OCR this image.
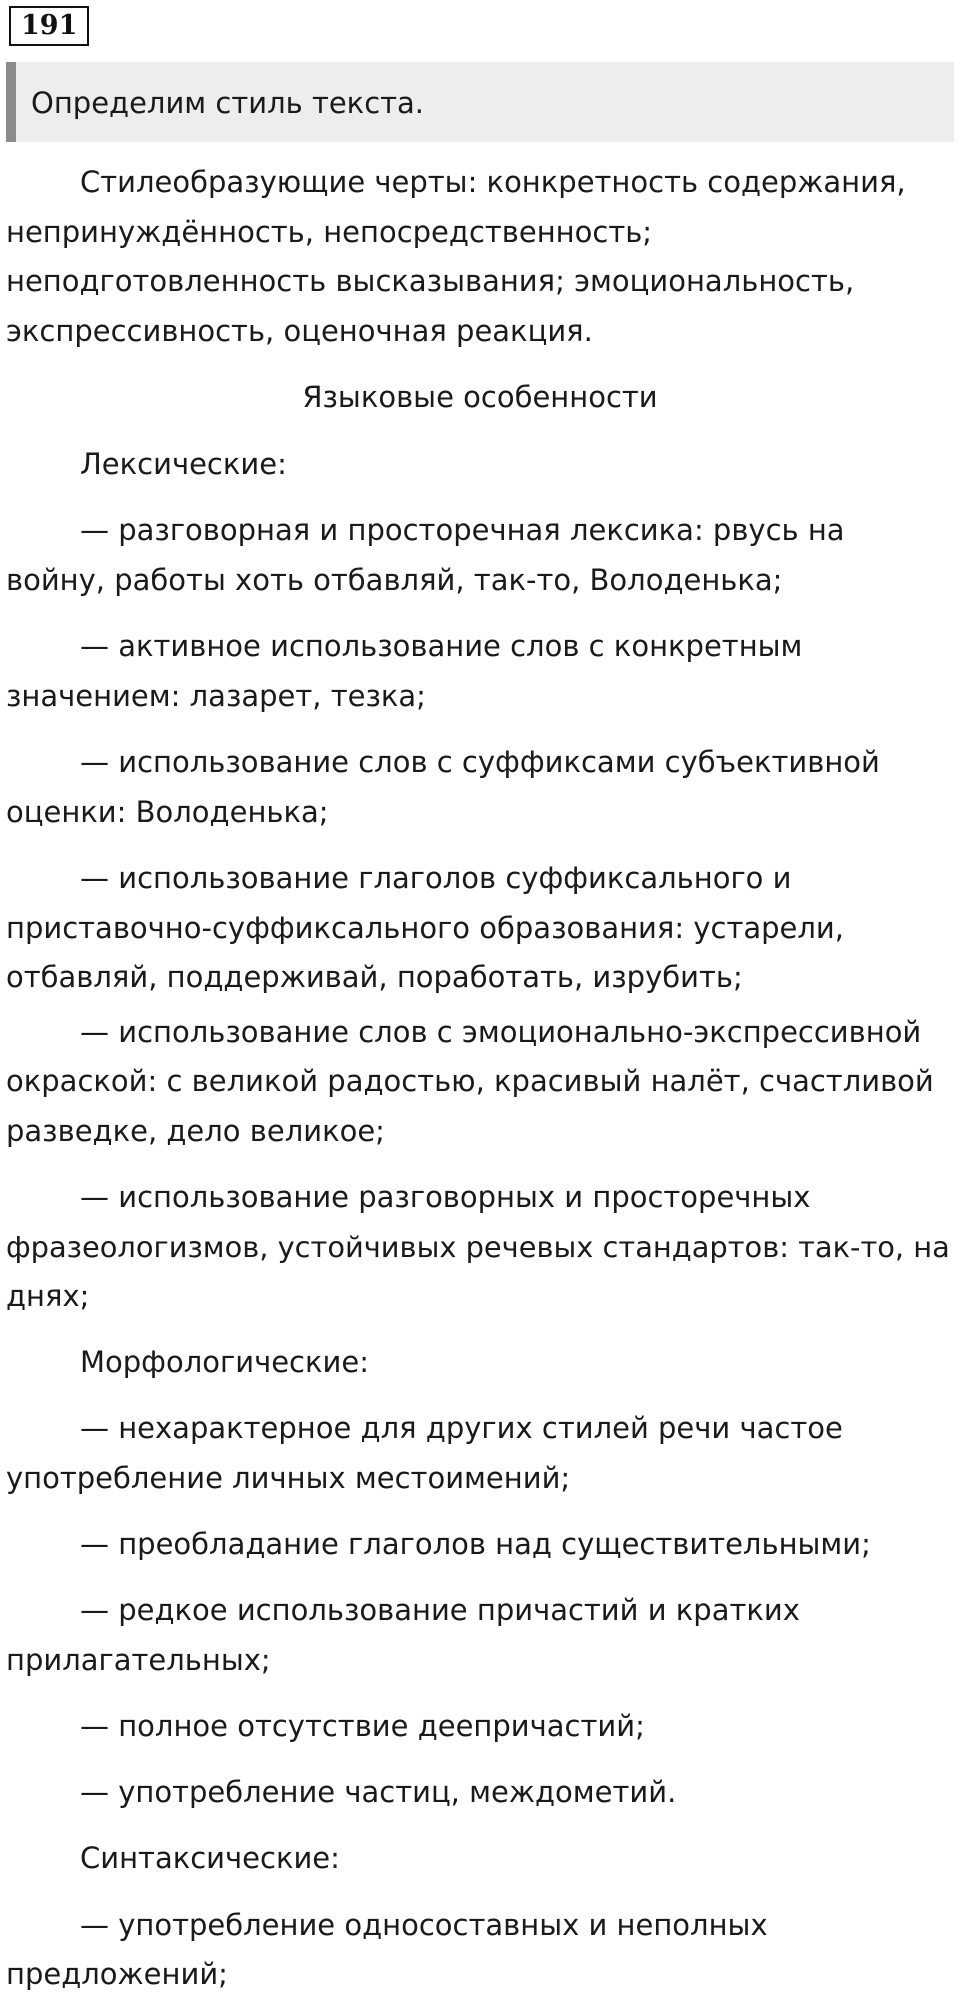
191
Определим стиль текста.
Стилеобразующие черты: конкретность содержания,
непринуждённость, непосредственность;
неподготовленность высказывания; эмоциональность,
экспрессивность, оценочная реакция.
Языковые особенности
Лексические:
— разговорная и просторечная лексика: рвусь на
войну, работы хоть отбавляй, так-то, Володенька;
— активное использование слов с конкретным
значением: лазарет, тезка;
— использование слов с суффиксами субъективной
оценки: Володенька;
— использование глаголов суффиксального и
приставочно-суффиксального образования: устарели,
отбавляй, поддерживай, поработать, изрубить;
— использование слов с эмоционально-экспрессивной
окраской: с великой радостью, красивый налёт, счастливой
разведке, дело великое;
— использование разговорных и просторечных
фразеологизмов, устойчивых речевых стандартов: так-то, на
днях;
Морфологические:
— нехарактерное для других стилей речи частое
употребление личных местоимений;
— преобладание глаголов над существительными;
— редкое использование причастий и кратких
прилагательных;
— полное отсутствие деепричастий;
— употребление частиц, междометий.
Синтаксические:
— употребление односоставных и неполных
предложений;
